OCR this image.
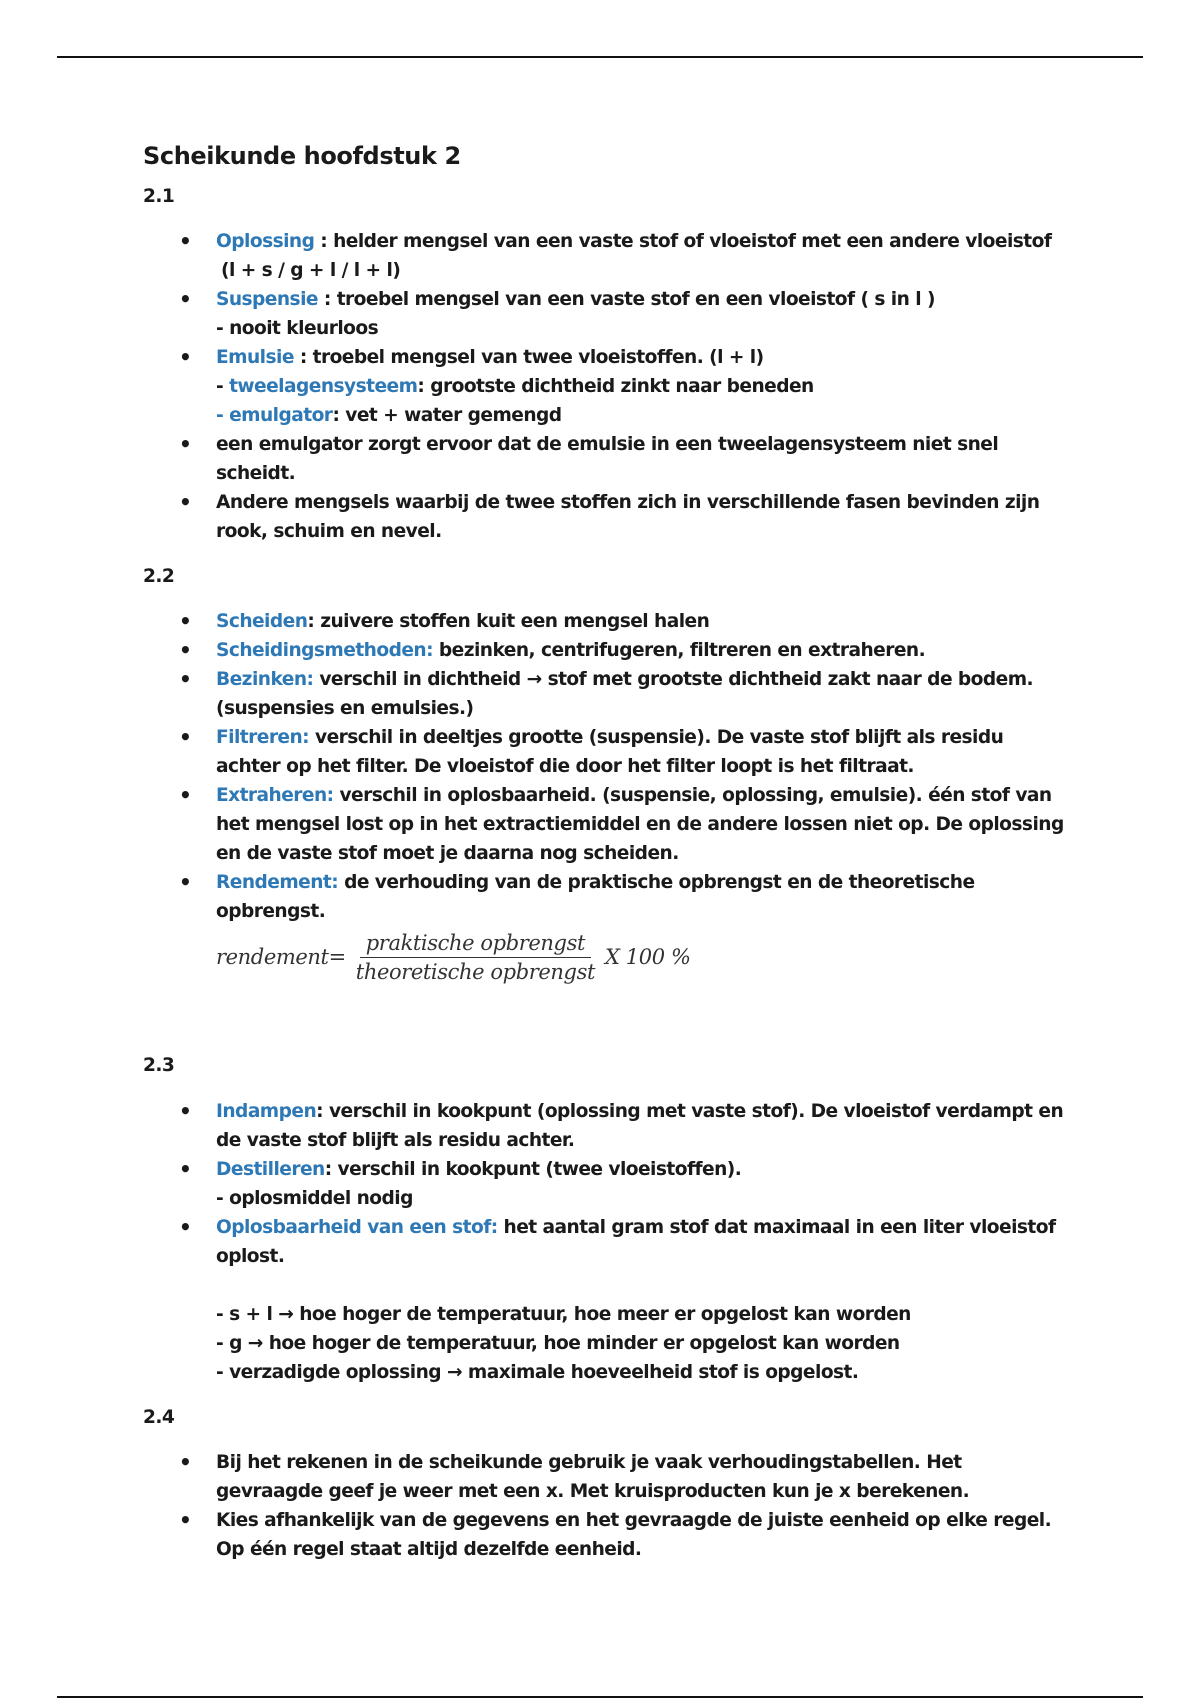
Scheikunde hoofdstuk 2
2.1
• Oplossing : helder mengsel van een vaste stof of vloeistof met een andere vloeistof
(l + s / g + l / l + l)
• Suspensie : troebel mengsel van een vaste stof en een vloeistof ( s in l )
- nooit kleurloos
• Emulsie : troebel mengsel van twee vloeistoffen. (l + l)
- tweelagensysteem: grootste dichtheid zinkt naar beneden
- emulgator: vet + water gemengd
• een emulgator zorgt ervoor dat de emulsie in een tweelagensysteem niet snel scheidt.
• Andere mengsels waarbij de twee stoffen zich in verschillende fasen bevinden zijn rook, schuim en nevel.
2.2
• Scheiden: zuivere stoffen kuit een mengsel halen
• Scheidingsmethoden: bezinken, centrifugeren, filtreren en extraheren.
• Bezinken: verschil in dichtheid → stof met grootste dichtheid zakt naar de bodem.
(suspensies en emulsies.)
• Filtreren: verschil in deeltjes grootte (suspensie). De vaste stof blijft als residu achter op het filter. De vloeistof die door het filter loopt is het filtraat.
• Extraheren: verschil in oplosbaarheid. (suspensie, oplossing, emulsie). één stof van het mengsel lost op in het extractiemiddel en de andere lossen niet op. De oplossing en de vaste stof moet je daarna nog scheiden.
• Rendement: de verhouding van de praktische opbrengst en de theoretische opbrengst.
rendement = $\frac{\text{praktische opbrengst}}{\text{theoretische opbrengst}}$ X 100 %
2.3
• Indampen: verschil in kookpunt (oplossing met vaste stof). De vloeistof verdampt en de vaste stof blijft als residu achter.
• Destilleren: verschil in kookpunt (twee vloeistoffen).
- oplosmiddel nodig
• Oplosbaarheid van een stof: het aantal gram stof dat maximaal in een liter vloeistof oplost.
- s + l → hoe hoger de temperatuur, hoe meer er opgelost kan worden
- g → hoe hoger de temperatuur, hoe minder er opgelost kan worden
- verzadigde oplossing → maximale hoeveelheid stof is opgelost.
2.4
• Bij het rekenen in de scheikunde gebruik je vaak verhoudingstabellen. Het gevraagde geef je weer met een x. Met kruisproducten kun je x berekenen.
• Kies afhankelijk van de gegevens en het gevraagde de juiste eenheid op elke regel. Op één regel staat altijd dezelfde eenheid.
